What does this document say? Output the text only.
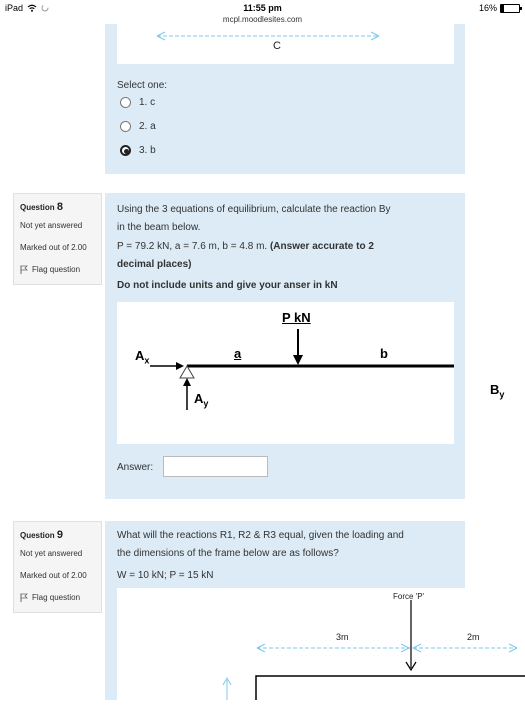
iPad	11:55 pm
mcpl.moodlesites.com
16%
C
Select one:
1. c
2. a
3. b
Question 8
Not yet answered
Marked out of 2.00
Flag question
Using the 3 equations of equilibrium, calculate the reaction By
in the beam below.
P = 79.2 kN, a = 7.6 m, b = 4.8 m. (Answer accurate to 2
decimal places)
Do not include units and give your anser in kN
P kN
a	b
$A_x$
$A_y$
$B_y$
Answer:
Question 9
Not yet answered
Marked out of 2.00
Flag question
What will the reactions R1, R2 & R3 equal, given the loading and
the dimensions of the frame below are as follows?
W = 10 kN; P = 15 kN
Force 'P'
3m	2m
